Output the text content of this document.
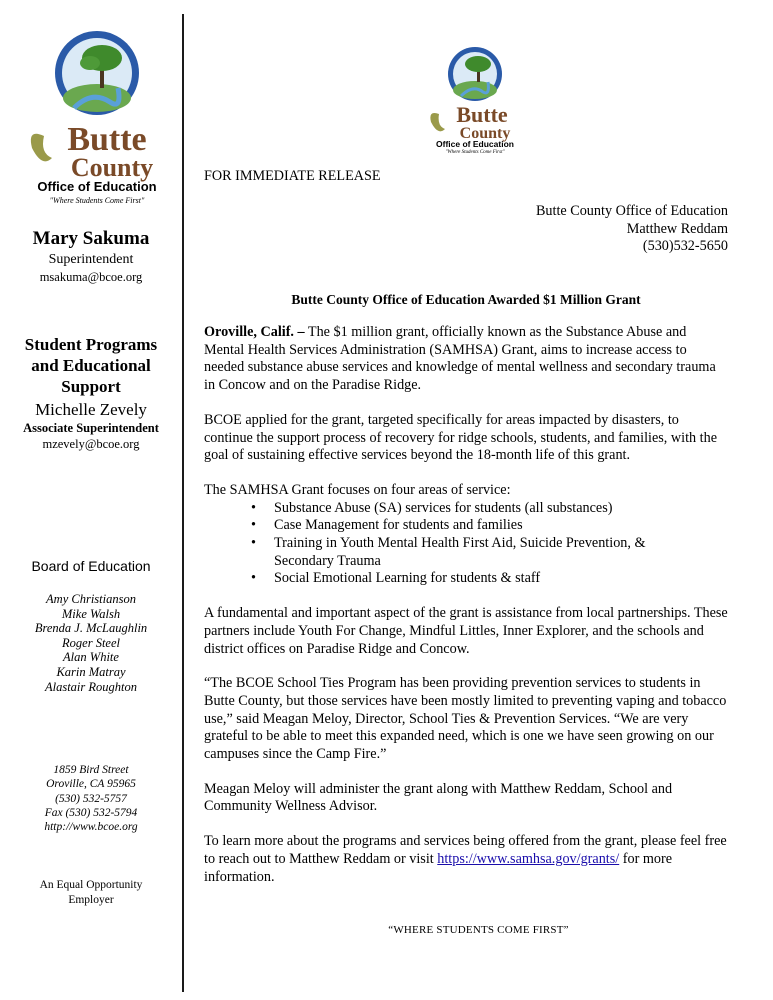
Butte
County
Office of Education
"Where Students Come First"
Mary Sakuma
Superintendent
msakuma@bcoe.org
Student Programs
and Educational
Support
Michelle Zevely
Associate Superintendent
mzevely@bcoe.org
Board of Education
Amy Christianson
Mike Walsh
Brenda J. McLaughlin
Roger Steel
Alan White
Karin Matray
Alastair Roughton
1859 Bird Street
Oroville, CA 95965
(530) 532-5757
Fax (530) 532-5794
http://www.bcoe.org
An Equal Opportunity
Employer
Butte
County
Office of Education
"Where Students Come First"
FOR IMMEDIATE RELEASE
Butte County Office of Education
Matthew Reddam
(530)532-5650
Butte County Office of Education Awarded $1 Million Grant

Oroville, Calif. – The $1 million grant, officially known as the Substance Abuse and Mental Health Services Administration (SAMHSA) Grant, aims to increase access to needed substance abuse services and knowledge of mental wellness and secondary trauma in Concow and on the Paradise Ridge.

BCOE applied for the grant, targeted specifically for areas impacted by disasters, to continue the support process of recovery for ridge schools, students, and families, with the goal of sustaining effective services beyond the 18-month life of this grant.

The SAMHSA Grant focuses on four areas of service:

• Substance Abuse (SA) services for students (all substances)
• Case Management for students and families
• Training in Youth Mental Health First Aid, Suicide Prevention, & Secondary Trauma
• Social Emotional Learning for students & staff

A fundamental and important aspect of the grant is assistance from local partnerships. These partners include Youth For Change, Mindful Littles, Inner Explorer, and the schools and district offices on Paradise Ridge and Concow.

“The BCOE School Ties Program has been providing prevention services to students in Butte County, but those services have been mostly limited to preventing vaping and tobacco use,” said Meagan Meloy, Director, School Ties & Prevention Services. “We are very grateful to be able to meet this expanded need, which is one we have seen growing on our campuses since the Camp Fire.”

Meagan Meloy will administer the grant along with Matthew Reddam, School and Community Wellness Advisor.

To learn more about the programs and services being offered from the grant, please feel free to reach out to Matthew Reddam or visit https://www.samhsa.gov/grants/ for more information.

“WHERE STUDENTS COME FIRST”
